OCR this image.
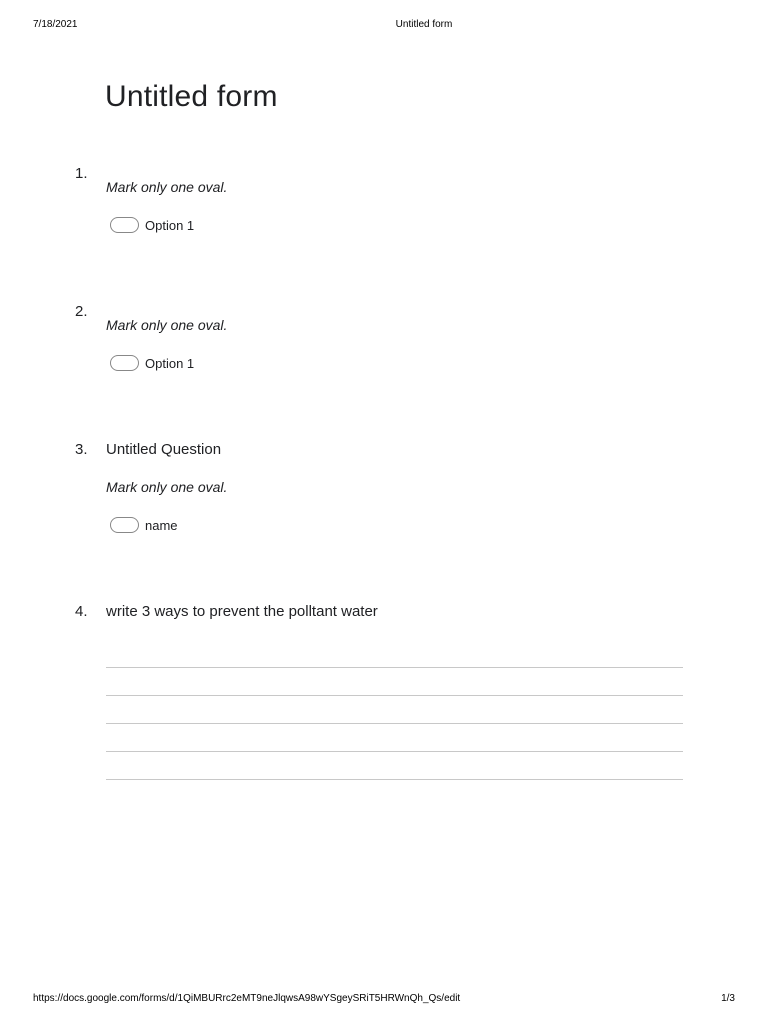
7/18/2021	Untitled form
Untitled form
1.
Mark only one oval.
Option 1
2.
Mark only one oval.
Option 1
3. Untitled Question
Mark only one oval.
name
4. write 3 ways to prevent the polltant water
https://docs.google.com/forms/d/1QiMBURrc2eMT9neJlqwsA98wYSgeySRiT5HRWnQh_Qs/edit	1/3
